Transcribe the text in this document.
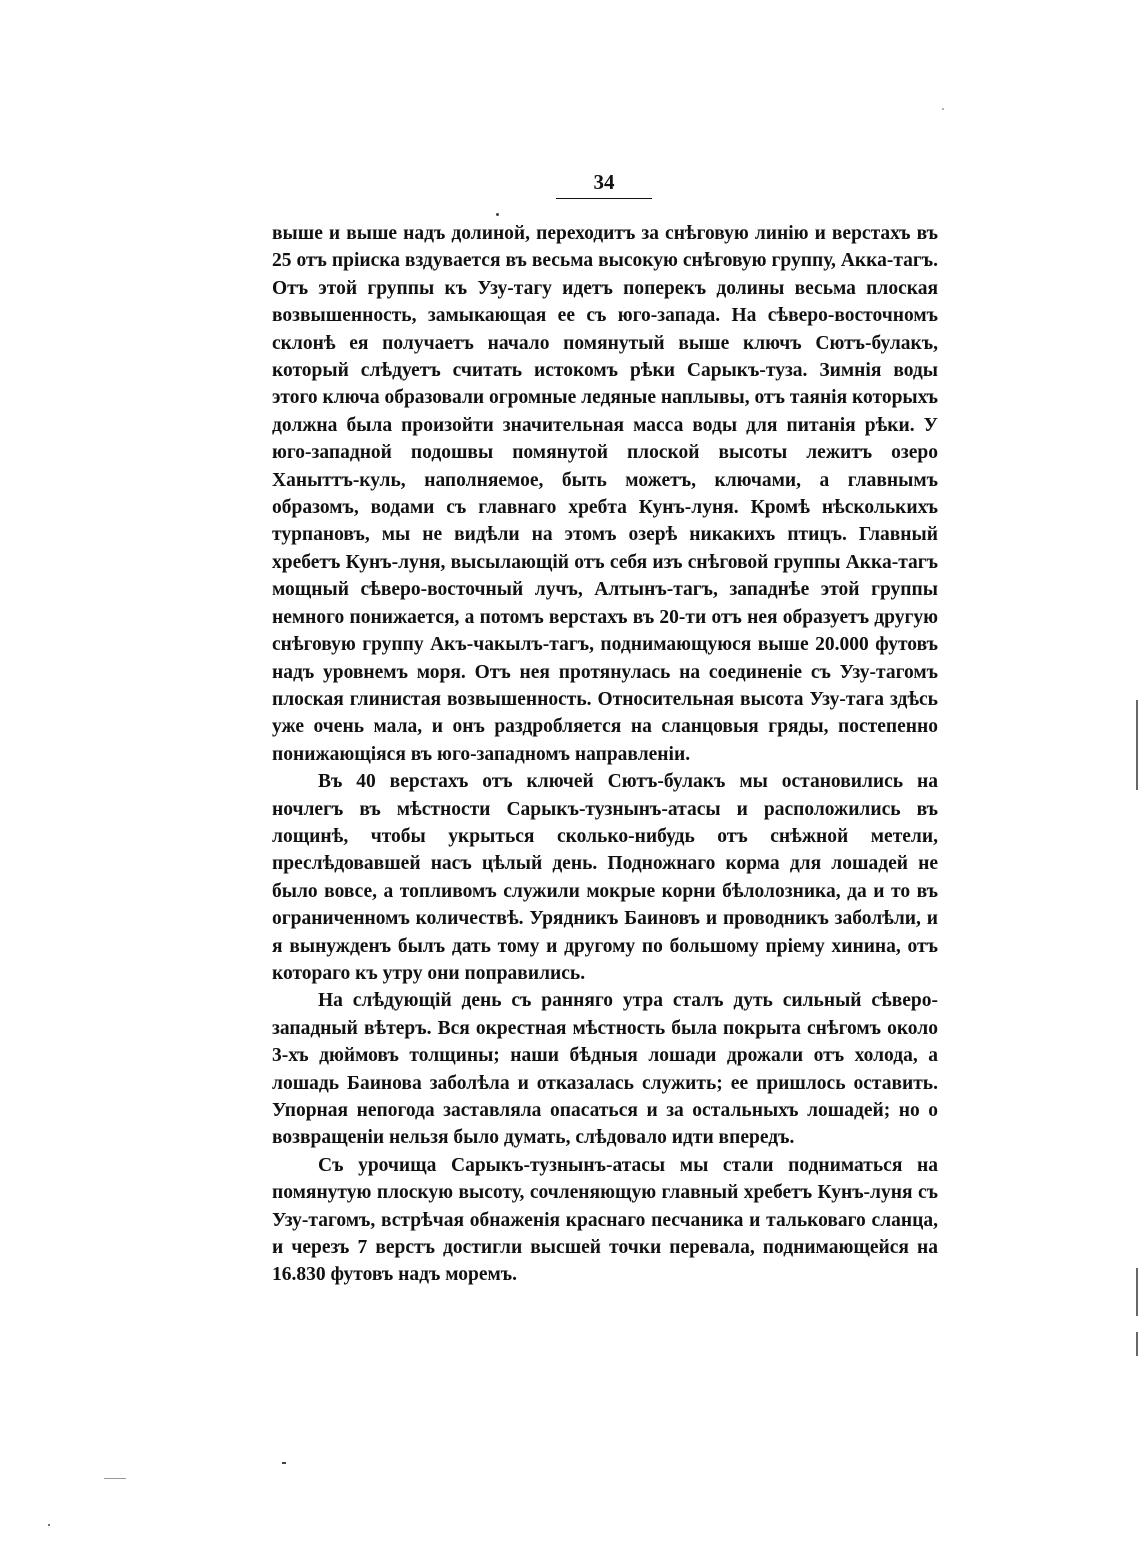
34

выше и выше надъ долиной, переходитъ за снѣговую линію и верстахъ въ 25 отъ пріиска вздувается въ весьма высокую снѣговую группу, Акка-тагъ. Отъ этой группы къ Узу-тагу идетъ поперекъ долины весьма плоская возвышенность, замыкающая ее съ юго-запада. На сѣверо-восточномъ склонѣ ея получаетъ начало помянутый выше ключъ Сютъ-булакъ, который слѣдуетъ считать истокомъ рѣки Сарыкъ-туза. Зимнія воды этого ключа образовали огромные ледяные наплывы, отъ таянія которыхъ должна была произойти значительная масса воды для питанія рѣки. У юго-западной подошвы помянутой плоской высоты лежитъ озеро Ханыттъ-куль, наполняемое, быть можетъ, ключами, а главнымъ образомъ, водами съ главнаго хребта Кунъ-луня. Кромѣ нѣсколькихъ турпановъ, мы не видѣли на этомъ озерѣ никакихъ птицъ. Главный хребетъ Кунъ-луня, высылающій отъ себя изъ снѣговой группы Акка-тагъ мощный сѣверо-восточный лучъ, Алтынъ-тагъ, западнѣе этой группы немного понижается, а потомъ верстахъ въ 20-ти отъ нея образуетъ другую снѣговую группу Акъ-чакылъ-тагъ, поднимающуюся выше 20.000 футовъ надъ уровнемъ моря. Отъ нея протянулась на соединеніе съ Узу-тагомъ плоская глинистая возвышенность. Относительная высота Узу-тага здѣсь уже очень мала, и онъ раздробляется на сланцовыя гряды, постепенно понижающіяся въ юго-западномъ направленіи.

Въ 40 верстахъ отъ ключей Сютъ-булакъ мы остановились на ночлегъ въ мѣстности Сарыкъ-тузнынъ-атасы и расположились въ лощинѣ, чтобы укрыться сколько-нибудь отъ снѣжной метели, преслѣдовавшей насъ цѣлый день. Подножнаго корма для лошадей не было вовсе, а топливомъ служили мокрые корни бѣлолозника, да и то въ ограниченномъ количествѣ. Урядникъ Баиновъ и проводникъ заболѣли, и я вынужденъ былъ дать тому и другому по большому пріему хинина, отъ котораго къ утру они поправились.

На слѣдующій день съ ранняго утра сталъ дуть сильный сѣверо-западный вѣтеръ. Вся окрестная мѣстность была покрыта снѣгомъ около 3-хъ дюймовъ толщины; наши бѣдныя лошади дрожали отъ холода, а лошадь Баинова заболѣла и отказалась служить; ее пришлось оставить. Упорная непогода заставляла опасаться и за остальныхъ лошадей; но о возвращеніи нельзя было думать, слѣдовало идти впередъ.

Съ урочища Сарыкъ-тузнынъ-атасы мы стали подниматься на помянутую плоскую высоту, сочленяющую главный хребетъ Кунъ-луня съ Узу-тагомъ, встрѣчая обнаженія краснаго песчаника и тальковаго сланца, и черезъ 7 верстъ достигли высшей точки перевала, поднимающейся на 16.830 футовъ надъ моремъ.
